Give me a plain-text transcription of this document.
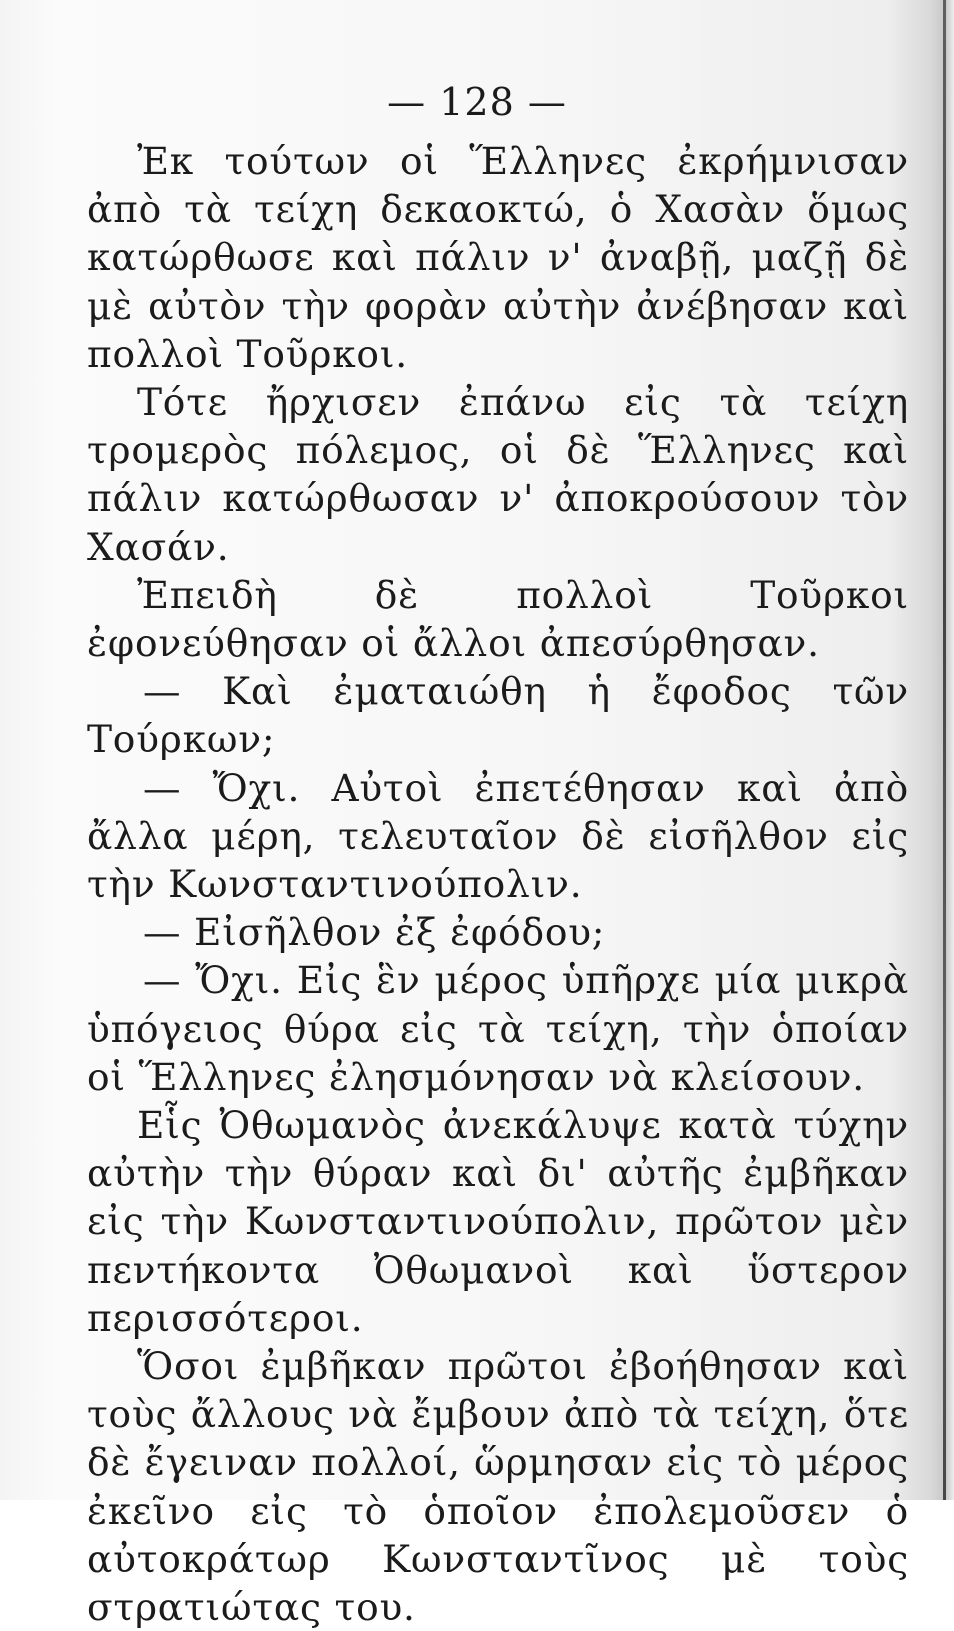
— 128 —

Ἐκ τούτων οἱ Ἕλληνες ἐκρήμνισαν ἀπὸ τὰ τείχη δεκαοκτώ, ὁ Χασὰν ὅμως κατώρθωσε καὶ πάλιν ν' ἀναβῇ, μαζῇ δὲ μὲ αὐτὸν τὴν φορὰν αὐτὴν ἀνέβησαν καὶ πολλοὶ Τοῦρκοι.

Τότε ἤρχισεν ἐπάνω εἰς τὰ τείχη τρομερὸς πόλεμος, οἱ δὲ Ἕλληνες καὶ πάλιν κατώρθωσαν ν' ἀποκρούσουν τὸν Χασάν.

Ἐπειδὴ δὲ πολλοὶ Τοῦρκοι ἐφονεύθησαν οἱ ἄλλοι ἀπεσύρθησαν.

— Καὶ ἐματαιώθη ἡ ἔφοδος τῶν Τούρκων;

— Ὄχι. Αὐτοὶ ἐπετέθησαν καὶ ἀπὸ ἄλλα μέρη, τελευταῖον δὲ εἰσῆλθον εἰς τὴν Κωνσταντινούπολιν.

— Εἰσῆλθον ἐξ ἐφόδου;

— Ὄχι. Εἰς ἓν μέρος ὑπῆρχε μία μικρὰ ὑπόγειος θύρα εἰς τὰ τείχη, τὴν ὁποίαν οἱ Ἕλληνες ἐλησμόνησαν νὰ κλείσουν.

Εἷς Ὀθωμανὸς ἀνεκάλυψε κατὰ τύχην αὐτὴν τὴν θύραν καὶ δι' αὐτῆς ἐμβῆκαν εἰς τὴν Κωνσταντινούπολιν, πρῶτον μὲν πεντήκοντα Ὀθωμανοὶ καὶ ὕστερον περισσότεροι.

Ὅσοι ἐμβῆκαν πρῶτοι ἐβοήθησαν καὶ τοὺς ἄλλους νὰ ἔμβουν ἀπὸ τὰ τείχη, ὅτε δὲ ἔγειναν πολλοί, ὥρμησαν εἰς τὸ μέρος ἐκεῖνο εἰς τὸ ὁποῖον ἐπολεμοῦσεν ὁ αὐτοκράτωρ Κωνσταντῖνος μὲ τοὺς στρατιώτας του.
